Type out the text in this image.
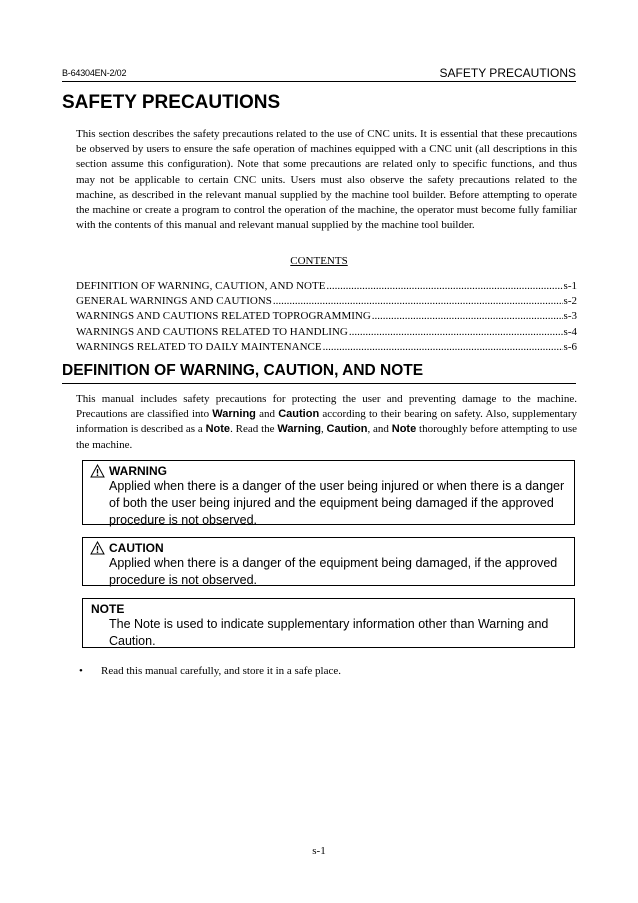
B-64304EN-2/02	SAFETY PRECAUTIONS
SAFETY PRECAUTIONS

This section describes the safety precautions related to the use of CNC units. It is essential that these precautions be observed by users to ensure the safe operation of machines equipped with a CNC unit (all descriptions in this section assume this configuration). Note that some precautions are related only to specific functions, and thus may not be applicable to certain CNC units. Users must also observe the safety precautions related to the machine, as described in the relevant manual supplied by the machine tool builder. Before attempting to operate the machine or create a program to control the operation of the machine, the operator must become fully familiar with the contents of this manual and relevant manual supplied by the machine tool builder.

CONTENTS
DEFINITION OF WARNING, CAUTION, AND NOTE .....	s-1
GENERAL WARNINGS AND CAUTIONS .....	s-2
WARNINGS AND CAUTIONS RELATED TOPROGRAMMING .....	s-3
WARNINGS AND CAUTIONS RELATED TO HANDLING .....	s-4
WARNINGS RELATED TO DAILY MAINTENANCE .....	s-6
DEFINITION OF WARNING, CAUTION, AND NOTE

This manual includes safety precautions for protecting the user and preventing damage to the machine. Precautions are classified into Warning and Caution according to their bearing on safety. Also, supplementary information is described as a Note. Read the Warning, Caution, and Note thoroughly before attempting to use the machine.

WARNING
Applied when there is a danger of the user being injured or when there is a danger of both the user being injured and the equipment being damaged if the approved procedure is not observed.
CAUTION
Applied when there is a danger of the equipment being damaged, if the approved procedure is not observed.
NOTE
The Note is used to indicate supplementary information other than Warning and Caution.
•	Read this manual carefully, and store it in a safe place.
s-1
